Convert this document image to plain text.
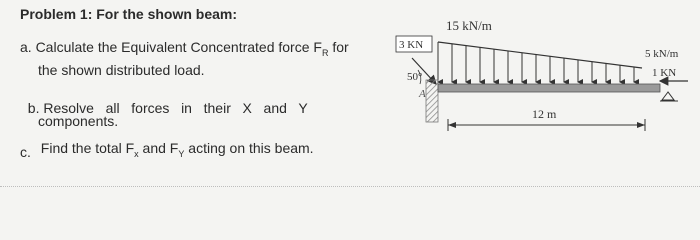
Problem 1: For the shown beam:
a. Calculate the Equivalent Concentrated force $F_R$ for
the shown distributed load.

b. Resolve   all   forces   in   their   X   and   Y

components.
c. Find the total $F_x$ and $F_Y$ acting on this beam.
15 kN/m
3 KN
5 kN/m
1 KN
50°
A
12 m
